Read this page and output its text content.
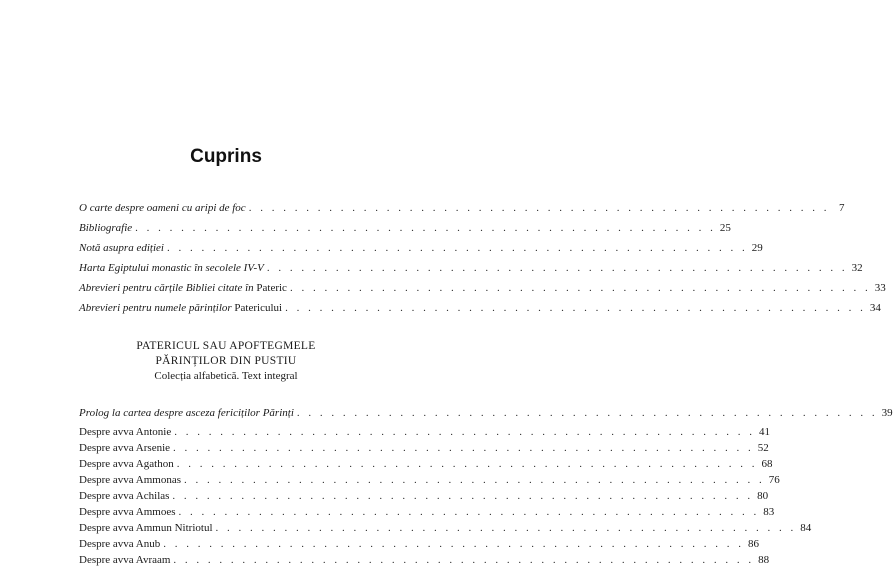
Cuprins
O carte despre oameni cu aripi de foc . . . . . . . . . . . . . . . . . . . . . . . . . . . . . . . . . . . . . . . . . . . . . . . . . . . 7
Bibliografie . . . . . . . . . . . . . . . . . . . . . . . . . . . . . . . . . . . . . . . . . . . . . . . . . . . 25
Notă asupra ediției . . . . . . . . . . . . . . . . . . . . . . . . . . . . . . . . . . . . . . . . . . . . . . . . . . . 29
Harta Egiptului monastic în secolele IV-V . . . . . . . . . . . . . . . . . . . . . . . . . . . . . . . . . . . . . . . . . . . . . . . . . . . 32
Abrevieri pentru cărțile Bibliei citate în Pateric . . . . . . . . . . . . . . . . . . . . . . . . . . . . . . . . . . . . . . . . . . . . . . . . . . . 33
Abrevieri pentru numele părinților Patericului . . . . . . . . . . . . . . . . . . . . . . . . . . . . . . . . . . . . . . . . . . . . . . . . . . . 34
PATERICUL SAU APOFTEGMELE
PĂRINȚILOR DIN PUSTIU
Colecția alfabetică. Text integral
Prolog la cartea despre asceza fericiților Părinți . . . . . . . . . . . . . . . . . . . . . . . . . . . . . . . . . . . . . . . . . . . . . . . . . . . 39
Despre avva Antonie . . . . . . . . . . . . . . . . . . . . . . . . . . . . . . . . . . . . . . . . . . . . . . . . . . . 41
Despre avva Arsenie . . . . . . . . . . . . . . . . . . . . . . . . . . . . . . . . . . . . . . . . . . . . . . . . . . . 52
Despre avva Agathon . . . . . . . . . . . . . . . . . . . . . . . . . . . . . . . . . . . . . . . . . . . . . . . . . . . 68
Despre avva Ammonas . . . . . . . . . . . . . . . . . . . . . . . . . . . . . . . . . . . . . . . . . . . . . . . . . . . 76
Despre avva Achilas . . . . . . . . . . . . . . . . . . . . . . . . . . . . . . . . . . . . . . . . . . . . . . . . . . . 80
Despre avva Ammoes . . . . . . . . . . . . . . . . . . . . . . . . . . . . . . . . . . . . . . . . . . . . . . . . . . . 83
Despre avva Ammun Nitriotul . . . . . . . . . . . . . . . . . . . . . . . . . . . . . . . . . . . . . . . . . . . . . . . . . . . 84
Despre avva Anub . . . . . . . . . . . . . . . . . . . . . . . . . . . . . . . . . . . . . . . . . . . . . . . . . . . 86
Despre avva Avraam . . . . . . . . . . . . . . . . . . . . . . . . . . . . . . . . . . . . . . . . . . . . . . . . . . . 88
